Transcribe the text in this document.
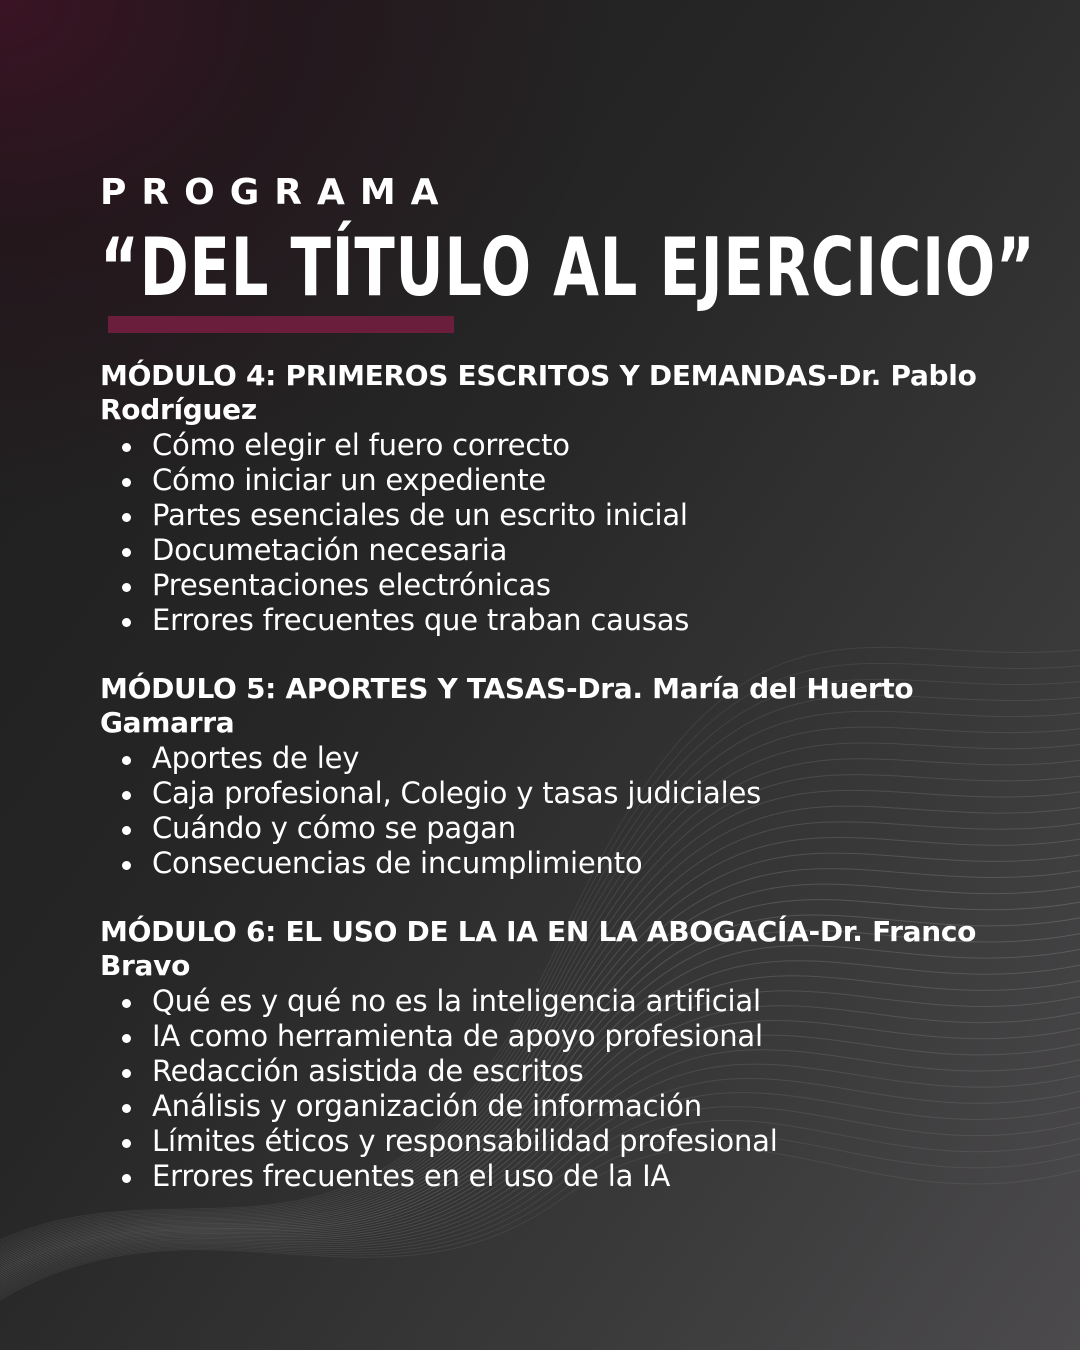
PROGRAMA
“DEL TÍTULO AL EJERCICIO”
MÓDULO 4: PRIMEROS ESCRITOS Y DEMANDAS-Dr. Pablo Rodríguez
Cómo elegir el fuero correcto
Cómo iniciar un expediente
Partes esenciales de un escrito inicial
Documetación necesaria
Presentaciones electrónicas
Errores frecuentes que traban causas
MÓDULO 5: APORTES Y TASAS-Dra. María del Huerto Gamarra
Aportes de ley
Caja profesional, Colegio y tasas judiciales
Cuándo y cómo se pagan
Consecuencias de incumplimiento
MÓDULO 6: EL USO DE LA IA EN LA ABOGACÍA-Dr. Franco Bravo
Qué es y qué no es la inteligencia artificial
IA como herramienta de apoyo profesional
Redacción asistida de escritos
Análisis y organización de información
Límites éticos y responsabilidad profesional
Errores frecuentes en el uso de la IA
